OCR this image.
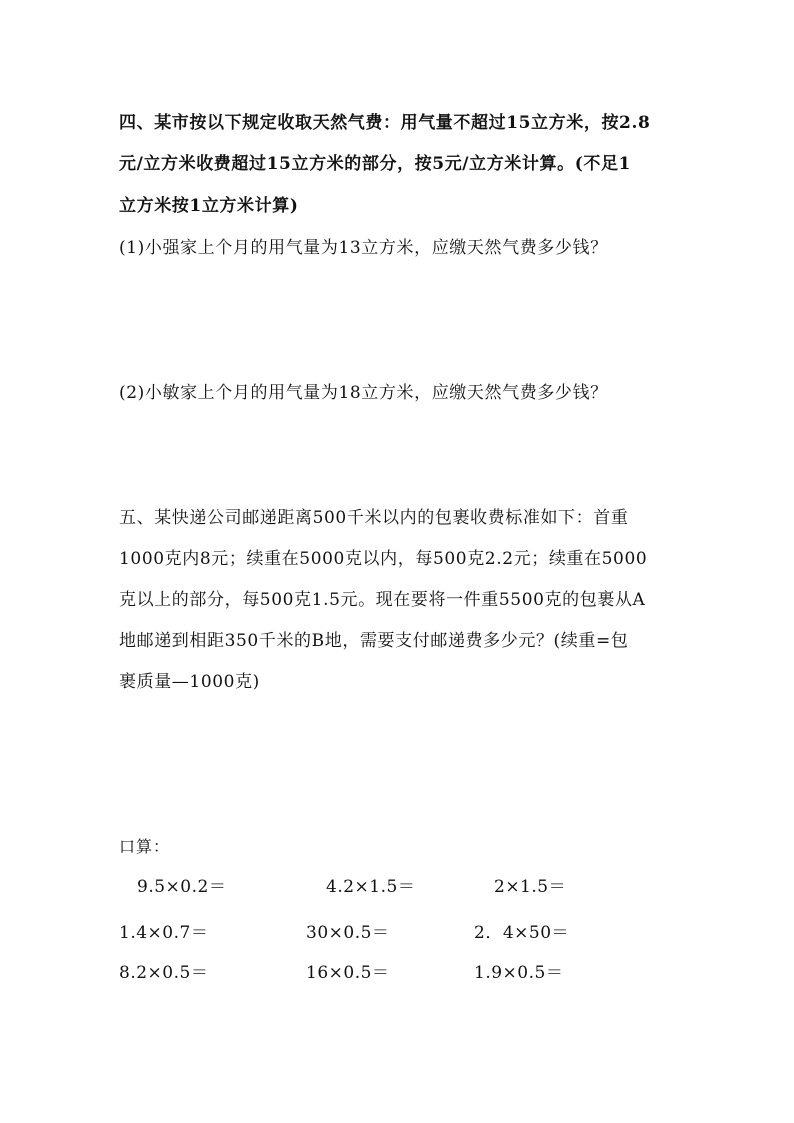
四、某市按以下规定收取天然气费：用气量不超过15立方米，按2.8
元/立方米收费超过15立方米的部分，按5元/立方米计算。(不足1
立方米按1立方米计算)
(1)小强家上个月的用气量为13立方米，应缴天然气费多少钱？
(2)小敏家上个月的用气量为18立方米，应缴天然气费多少钱？
五、某快递公司邮递距离500千米以内的包裹收费标准如下：首重
1000克内8元；续重在5000克以内，每500克2.2元；续重在5000
克以上的部分，每500克1.5元。现在要将一件重5500克的包裹从A
地邮递到相距350千米的B地，需要支付邮递费多少元？(续重=包
裹质量—1000克)
口算：
9.5×0.2＝	4.2×1.5＝	2×1.5＝
1.4×0.7＝	30×0.5＝	2．4×50＝
8.2×0.5＝	16×0.5＝	1.9×0.5＝
